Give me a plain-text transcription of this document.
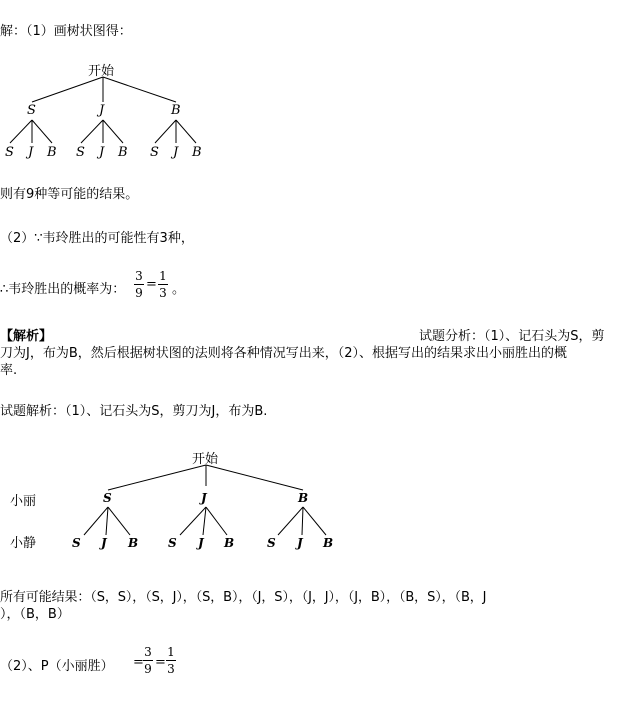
解：（1）画树状图得：
开始
S	J	B
S J B S J B S J B
则有9种等可能的结果。
（2）∵韦玲胜出的可能性有3种，
∴韦玲胜出的概率为：
3
9
=
1
3 。
【解析】	试题分析：（1）、记石头为S，剪
刀为J，布为B，然后根据树状图的法则将各种情况写出来，（2）、根据写出的结果求出小丽胜出的概
率.
试题解析：（1）、记石头为S，剪刀为J，布为B.
开始
小丽
小静
S	J	B
S J B S J B	S J B
所有可能结果：（S，S），（S，J），（S，B），（J，S），（J，J），（J，B），（B，S），（B，J
），（B，B）
（2）、P（小丽胜） =
3
9 =
1
3
